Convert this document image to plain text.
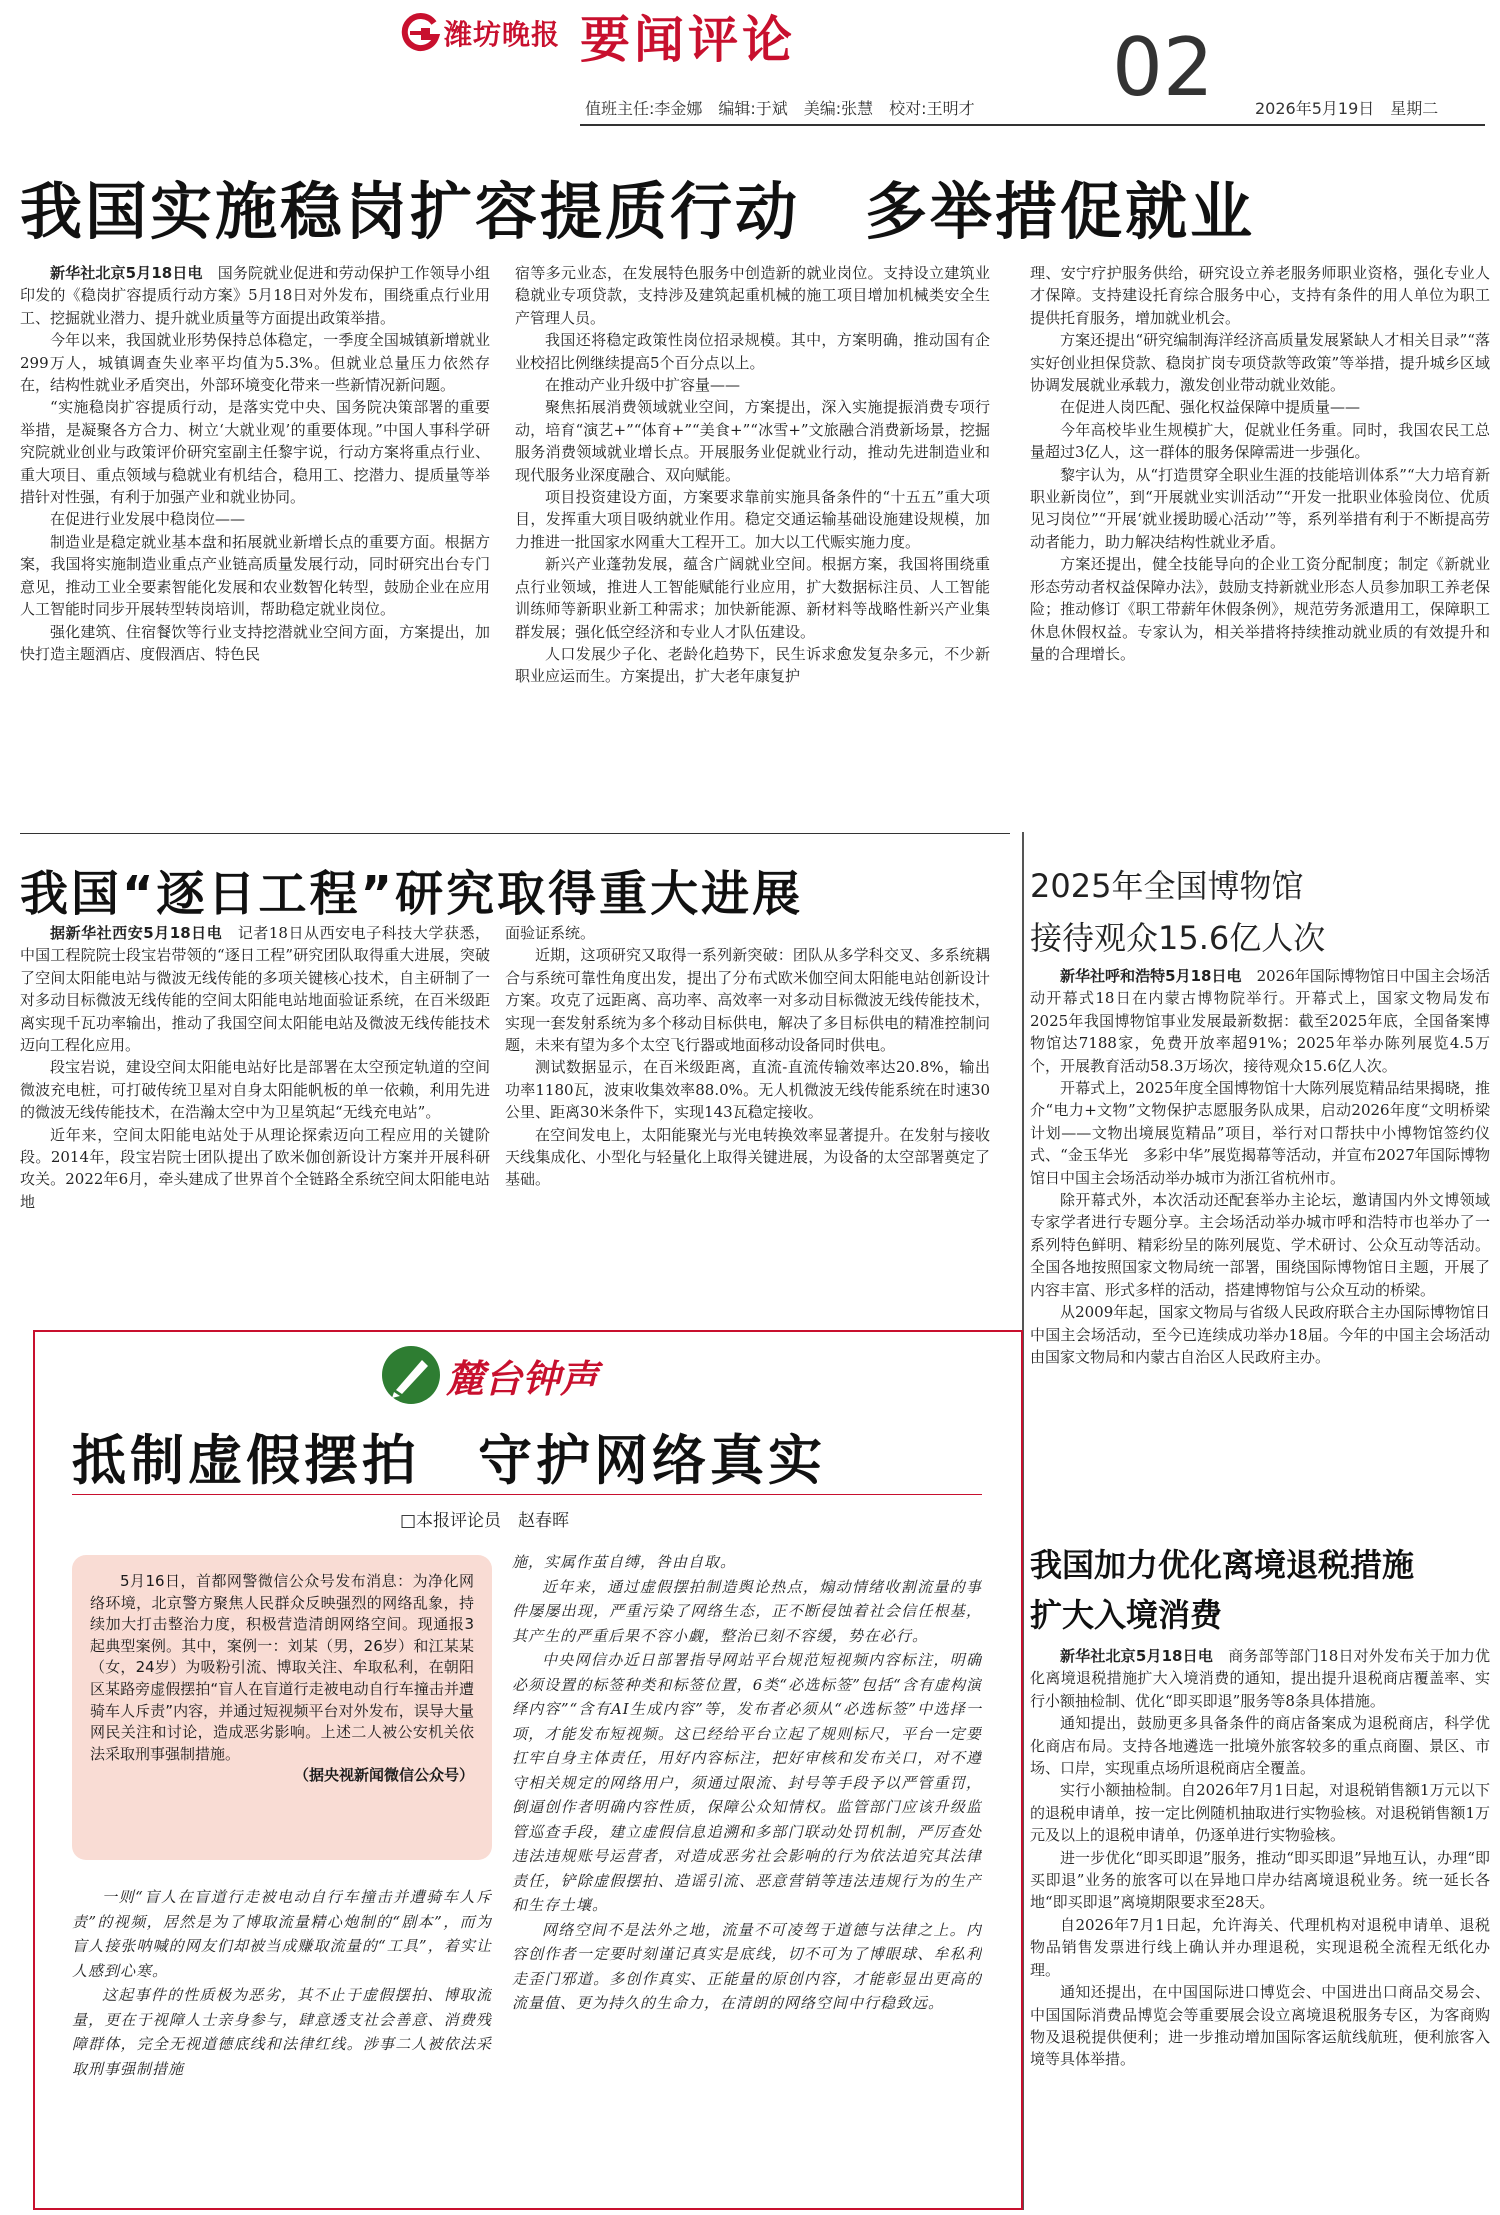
潍坊晚报 要闻评论	02
值班主任:李金娜　编辑:于斌　美编:张慧　校对:王明才	2026年5月19日　星期二
我国实施稳岗扩容提质行动　多举措促就业

新华社北京5月18日电　 国务院就业促进和劳动保护工作领导小组印发的《稳岗扩容提质行动方案》5月18日对外发布，围绕重点行业用工、挖掘就业潜力、提升就业质量等方面提出政策举措。

今年以来，我国就业形势保持总体稳定，一季度全国城镇新增就业299万人，城镇调查失业率平均值为5.3%。但就业总量压力依然存在，结构性就业矛盾突出，外部环境变化带来一些新情况新问题。

“实施稳岗扩容提质行动，是落实党中央、国务院决策部署的重要举措，是凝聚各方合力、树立‘大就业观’的重要体现。”中国人事科学研究院就业创业与政策评价研究室副主任黎宇说，行动方案将重点行业、重大项目、重点领域与稳就业有机结合，稳用工、挖潜力、提质量等举措针对性强，有利于加强产业和就业协同。

在促进行业发展中稳岗位——

制造业是稳定就业基本盘和拓展就业新增长点的重要方面。根据方案，我国将实施制造业重点产业链高质量发展行动，同时研究出台专门意见，推动工业全要素智能化发展和农业数智化转型，鼓励企业在应用人工智能时同步开展转型转岗培训，帮助稳定就业岗位。

强化建筑、住宿餐饮等行业支持挖潜就业空间方面，方案提出，加快打造主题酒店、度假酒店、特色民

宿等多元业态，在发展特色服务中创造新的就业岗位。支持设立建筑业稳就业专项贷款，支持涉及建筑起重机械的施工项目增加机械类安全生产管理人员。

我国还将稳定政策性岗位招录规模。其中，方案明确，推动国有企业校招比例继续提高5个百分点以上。

在推动产业升级中扩容量——

聚焦拓展消费领域就业空间，方案提出，深入实施提振消费专项行动，培育“演艺+”“体育+”“美食+”“冰雪+”文旅融合消费新场景，挖掘服务消费领域就业增长点。开展服务业促就业行动，推动先进制造业和现代服务业深度融合、双向赋能。

项目投资建设方面，方案要求靠前实施具备条件的“十五五”重大项目，发挥重大项目吸纳就业作用。稳定交通运输基础设施建设规模，加力推进一批国家水网重大工程开工。加大以工代赈实施力度。

新兴产业蓬勃发展，蕴含广阔就业空间。根据方案，我国将围绕重点行业领域，推进人工智能赋能行业应用，扩大数据标注员、人工智能训练师等新职业新工种需求；加快新能源、新材料等战略性新兴产业集群发展；强化低空经济和专业人才队伍建设。

人口发展少子化、老龄化趋势下，民生诉求愈发复杂多元，不少新职业应运而生。方案提出，扩大老年康复护

理、安宁疗护服务供给，研究设立养老服务师职业资格，强化专业人才保障。支持建设托育综合服务中心，支持有条件的用人单位为职工提供托育服务，增加就业机会。

方案还提出“研究编制海洋经济高质量发展紧缺人才相关目录”“落实好创业担保贷款、稳岗扩岗专项贷款等政策”等举措，提升城乡区域协调发展就业承载力，激发创业带动就业效能。

在促进人岗匹配、强化权益保障中提质量——

今年高校毕业生规模扩大，促就业任务重。同时，我国农民工总量超过3亿人，这一群体的服务保障需进一步强化。

黎宇认为，从“打造贯穿全职业生涯的技能培训体系”“大力培育新职业新岗位”，到“开展就业实训活动”“开发一批职业体验岗位、优质见习岗位”“开展‘就业援助暖心活动’”等，系列举措有利于不断提高劳动者能力，助力解决结构性就业矛盾。

方案还提出，健全技能导向的企业工资分配制度；制定《新就业形态劳动者权益保障办法》，鼓励支持新就业形态人员参加职工养老保险；推动修订《职工带薪年休假条例》，规范劳务派遣用工，保障职工休息休假权益。专家认为，相关举措将持续推动就业质的有效提升和量的合理增长。

我国“逐日工程”研究取得重大进展

据新华社西安5月18日电　 记者18日从西安电子科技大学获悉，中国工程院院士段宝岩带领的“逐日工程”研究团队取得重大进展，突破了空间太阳能电站与微波无线传能的多项关键核心技术，自主研制了一对多动目标微波无线传能的空间太阳能电站地面验证系统，在百米级距离实现千瓦功率输出，推动了我国空间太阳能电站及微波无线传能技术迈向工程化应用。

段宝岩说，建设空间太阳能电站好比是部署在太空预定轨道的空间微波充电桩，可打破传统卫星对自身太阳能帆板的单一依赖，利用先进的微波无线传能技术，在浩瀚太空中为卫星筑起“无线充电站”。

近年来，空间太阳能电站处于从理论探索迈向工程应用的关键阶段。2014年，段宝岩院士团队提出了欧米伽创新设计方案并开展科研攻关。2022年6月，牵头建成了世界首个全链路全系统空间太阳能电站地

面验证系统。

近期，这项研究又取得一系列新突破：团队从多学科交叉、多系统耦合与系统可靠性角度出发，提出了分布式欧米伽空间太阳能电站创新设计方案。攻克了远距离、高功率、高效率一对多动目标微波无线传能技术，实现一套发射系统为多个移动目标供电，解决了多目标供电的精准控制问题，未来有望为多个太空飞行器或地面移动设备同时供电。

测试数据显示，在百米级距离，直流-直流传输效率达20.8%，输出功率1180瓦，波束收集效率88.0%。无人机微波无线传能系统在时速30公里、距离30米条件下，实现143瓦稳定接收。

在空间发电上，太阳能聚光与光电转换效率显著提升。在发射与接收天线集成化、小型化与轻量化上取得关键进展，为设备的太空部署奠定了基础。

2025年全国博物馆
接待观众15.6亿人次

新华社呼和浩特5月18日电　 2026年国际博物馆日中国主会场活动开幕式18日在内蒙古博物院举行。开幕式上，国家文物局发布2025年我国博物馆事业发展最新数据：截至2025年底，全国备案博物馆达7188家，免费开放率超91%；2025年举办陈列展览4.5万个，开展教育活动58.3万场次，接待观众15.6亿人次。

开幕式上，2025年度全国博物馆十大陈列展览精品结果揭晓，推介“电力+文物”文物保护志愿服务队成果，启动2026年度“文明桥梁计划——文物出境展览精品”项目，举行对口帮扶中小博物馆签约仪式、“金玉华光　多彩中华”展览揭幕等活动，并宣布2027年国际博物馆日中国主会场活动举办城市为浙江省杭州市。

除开幕式外，本次活动还配套举办主论坛，邀请国内外文博领域专家学者进行专题分享。主会场活动举办城市呼和浩特市也举办了一系列特色鲜明、精彩纷呈的陈列展览、学术研讨、公众互动等活动。全国各地按照国家文物局统一部署，围绕国际博物馆日主题，开展了内容丰富、形式多样的活动，搭建博物馆与公众互动的桥梁。

从2009年起，国家文物局与省级人民政府联合主办国际博物馆日中国主会场活动，至今已连续成功举办18届。今年的中国主会场活动由国家文物局和内蒙古自治区人民政府主办。

我国加力优化离境退税措施
扩大入境消费

新华社北京5月18日电　 商务部等部门18日对外发布关于加力优化离境退税措施扩大入境消费的通知，提出提升退税商店覆盖率、实行小额抽检制、优化“即买即退”服务等8条具体措施。

通知提出，鼓励更多具备条件的商店备案成为退税商店，科学优化商店布局。支持各地遴选一批境外旅客较多的重点商圈、景区、市场、口岸，实现重点场所退税商店全覆盖。

实行小额抽检制。自2026年7月1日起，对退税销售额1万元以下的退税申请单，按一定比例随机抽取进行实物验核。对退税销售额1万元及以上的退税申请单，仍逐单进行实物验核。

进一步优化“即买即退”服务，推动“即买即退”异地互认，办理“即买即退”业务的旅客可以在异地口岸办结离境退税业务。统一延长各地“即买即退”离境期限要求至28天。

自2026年7月1日起，允许海关、代理机构对退税申请单、退税物品销售发票进行线上确认并办理退税，实现退税全流程无纸化办理。

通知还提出，在中国国际进口博览会、中国进出口商品交易会、中国国际消费品博览会等重要展会设立离境退税服务专区，为客商购物及退税提供便利；进一步推动增加国际客运航线航班，便利旅客入境等具体举措。

麓台钟声
抵制虚假摆拍　守护网络真实
□本报评论员　赵春晖

5月16日，首都网警微信公众号发布消息：为净化网络环境，北京警方聚焦人民群众反映强烈的网络乱象，持续加大打击整治力度，积极营造清朗网络空间。现通报3起典型案例。其中，案例一：刘某（男，26岁）和江某某（女，24岁）为吸粉引流、博取关注、牟取私利，在朝阳区某路旁虚假摆拍“盲人在盲道行走被电动自行车撞击并遭骑车人斥责”内容，并通过短视频平台对外发布，误导大量网民关注和讨论，造成恶劣影响。上述二人被公安机关依法采取刑事强制措施。

（据央视新闻微信公众号）

一则“盲人在盲道行走被电动自行车撞击并遭骑车人斥责”的视频，居然是为了博取流量精心炮制的“剧本”，而为盲人接张呐喊的网友们却被当成赚取流量的“工具”，着实让人感到心寒。

这起事件的性质极为恶劣，其不止于虚假摆拍、博取流量，更在于视障人士亲身参与，肆意透支社会善意、消费残障群体，完全无视道德底线和法律红线。涉事二人被依法采取刑事强制措施

施，实属作茧自缚，咎由自取。

近年来，通过虚假摆拍制造舆论热点，煽动情绪收割流量的事件屡屡出现，严重污染了网络生态，正不断侵蚀着社会信任根基，其产生的严重后果不容小觑，整治已刻不容缓，势在必行。

中央网信办近日部署指导网站平台规范短视频内容标注，明确必须设置的标签种类和标签位置，6类“必选标签”包括“含有虚构演绎内容”“含有AI生成内容”等，发布者必须从“必选标签”中选择一项，才能发布短视频。这已经给平台立起了规则标尺，平台一定要扛牢自身主体责任，用好内容标注，把好审核和发布关口，对不遵守相关规定的网络用户，须通过限流、封号等手段予以严管重罚，倒逼创作者明确内容性质，保障公众知情权。监管部门应该升级监管巡查手段，建立虚假信息追溯和多部门联动处罚机制，严厉查处违法违规账号运营者，对造成恶劣社会影响的行为依法追究其法律责任，铲除虚假摆拍、造谣引流、恶意营销等违法违规行为的生产和生存土壤。

网络空间不是法外之地，流量不可凌驾于道德与法律之上。内容创作者一定要时刻谨记真实是底线，切不可为了博眼球、牟私利走歪门邪道。多创作真实、正能量的原创内容，才能彰显出更高的流量值、更为持久的生命力，在清朗的网络空间中行稳致远。
